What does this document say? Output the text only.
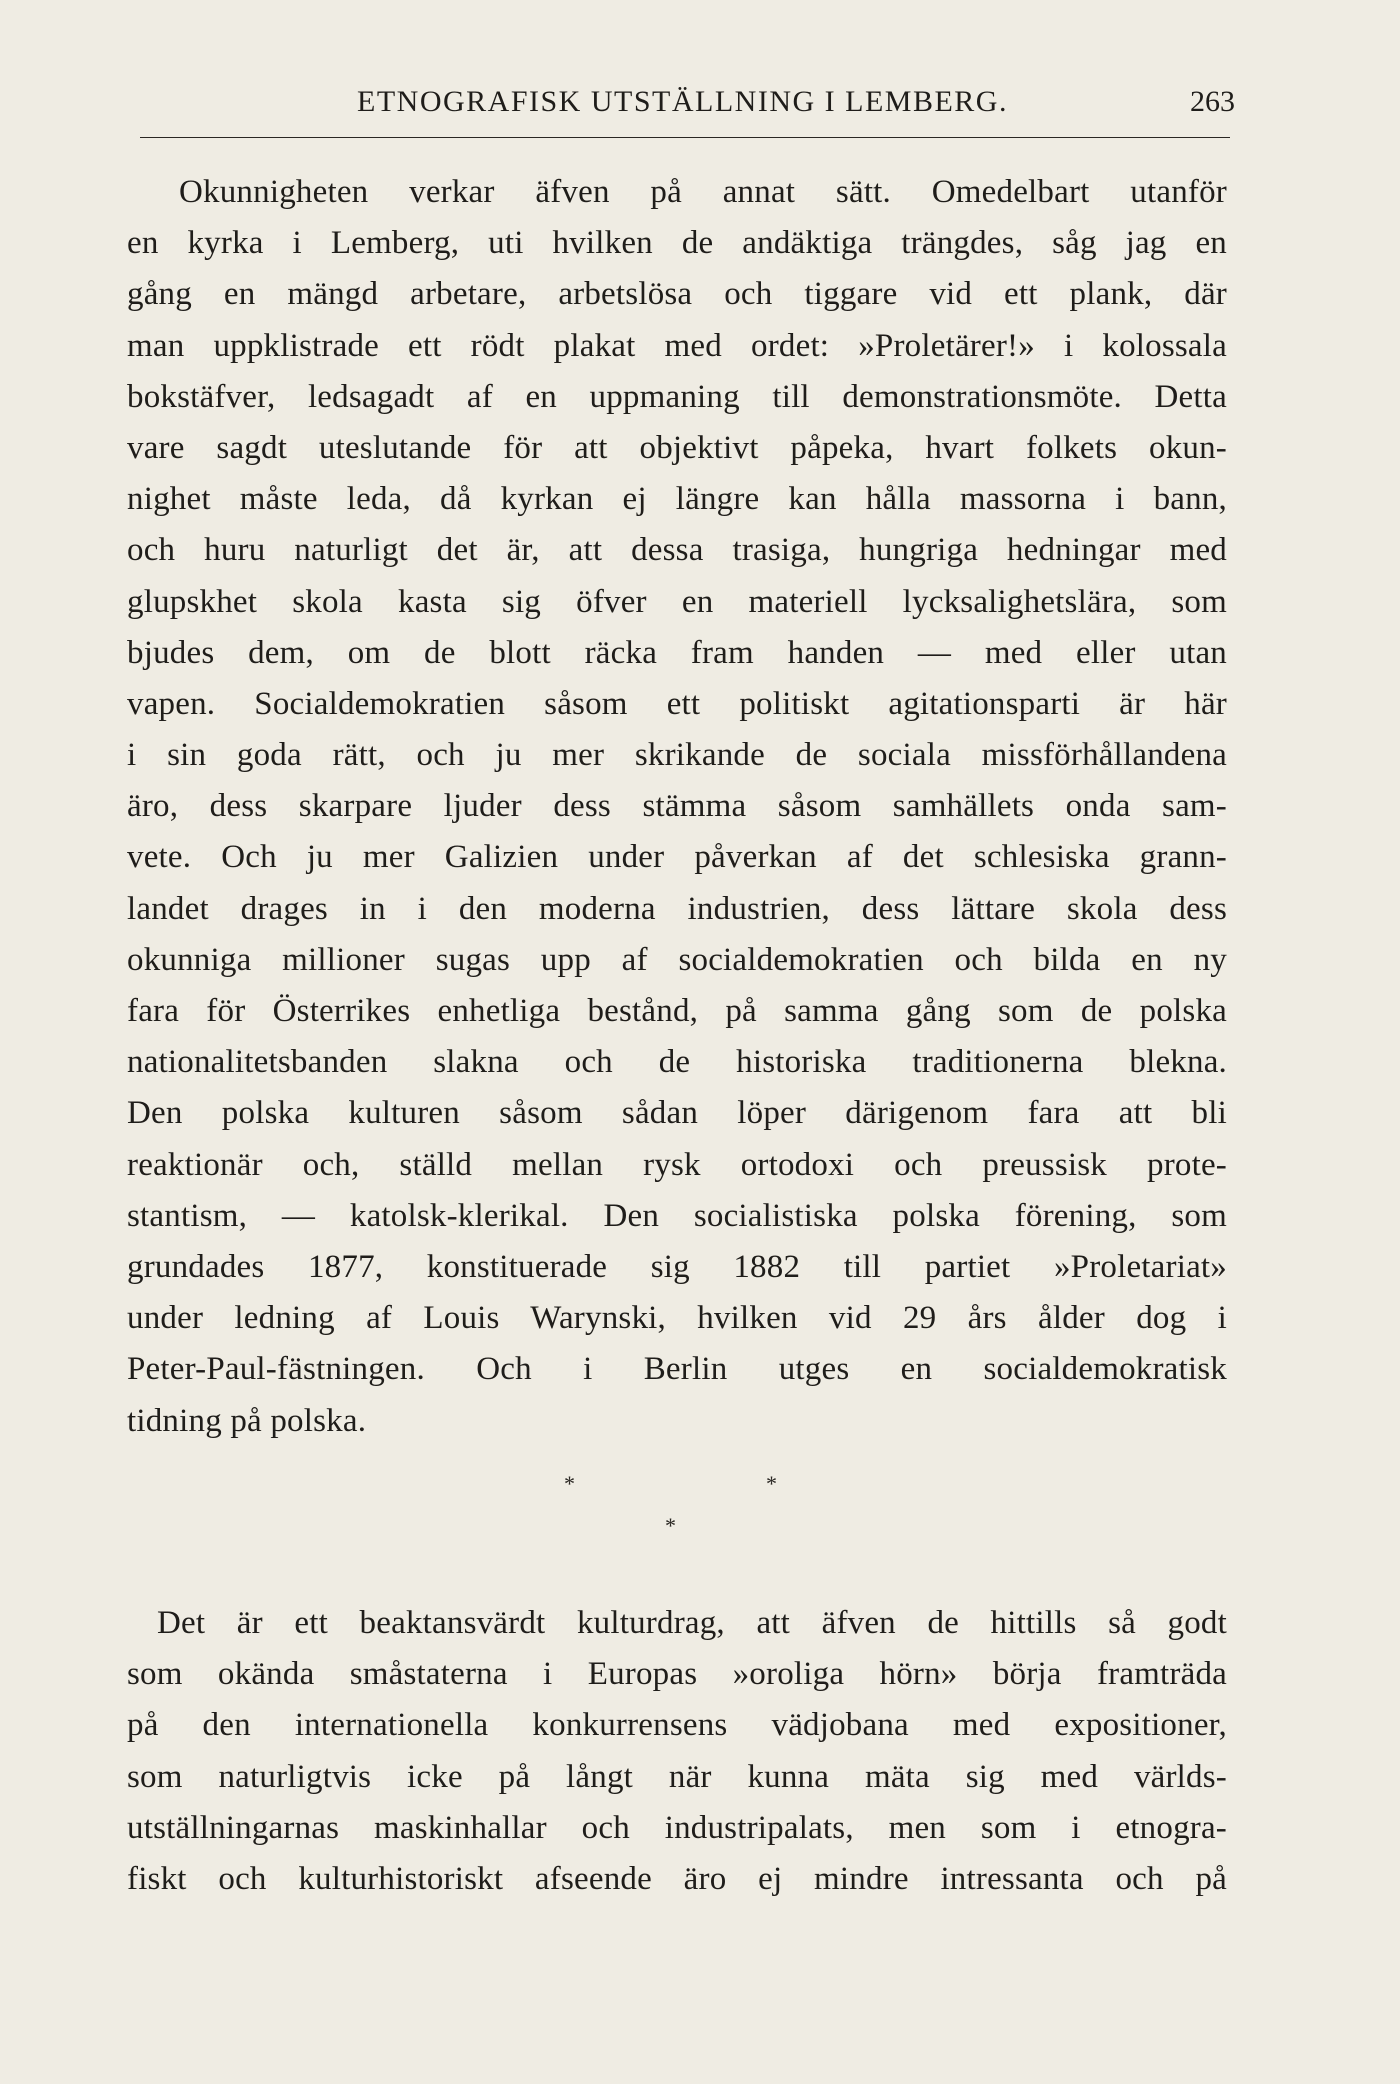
ETNOGRAFISK UTSTÄLLNING I LEMBERG.	263
Okunnigheten verkar äfven på annat sätt. Omedelbart utanför
en kyrka i Lemberg, uti hvilken de andäktiga trängdes, såg jag en
gång en mängd arbetare, arbetslösa och tiggare vid ett plank, där
man uppklistrade ett rödt plakat med ordet: »Proletärer!» i kolossala
bokstäfver, ledsagadt af en uppmaning till demonstrationsmöte. Detta
vare sagdt uteslutande för att objektivt påpeka, hvart folkets okun-
nighet måste leda, då kyrkan ej längre kan hålla massorna i bann,
och huru naturligt det är, att dessa trasiga, hungriga hedningar med
glupskhet skola kasta sig öfver en materiell lycksalighetslära, som
bjudes dem, om de blott räcka fram handen — med eller utan
vapen. Socialdemokratien såsom ett politiskt agitationsparti är här
i sin goda rätt, och ju mer skrikande de sociala missförhållandena
äro, dess skarpare ljuder dess stämma såsom samhällets onda sam-
vete. Och ju mer Galizien under påverkan af det schlesiska grann-
landet drages in i den moderna industrien, dess lättare skola dess
okunniga millioner sugas upp af socialdemokratien och bilda en ny
fara för Österrikes enhetliga bestånd, på samma gång som de polska
nationalitetsbanden slakna och de historiska traditionerna blekna.
Den polska kulturen såsom sådan löper därigenom fara att bli
reaktionär och, ställd mellan rysk ortodoxi och preussisk prote-
stantism, — katolsk-klerikal. Den socialistiska polska förening, som
grundades 1877, konstituerade sig 1882 till partiet »Proletariat»
under ledning af Louis Warynski, hvilken vid 29 års ålder dog i
Peter-Paul-fästningen. Och i Berlin utges en socialdemokratisk
tidning på polska.
*	*
*
Det är ett beaktansvärdt kulturdrag, att äfven de hittills så godt
som okända småstaterna i Europas »oroliga hörn» börja framträda
på den internationella konkurrensens vädjobana med expositioner,
som naturligtvis icke på långt när kunna mäta sig med världs-
utställningarnas maskinhallar och industripalats, men som i etnogra-
fiskt och kulturhistoriskt afseende äro ej mindre intressanta och på
